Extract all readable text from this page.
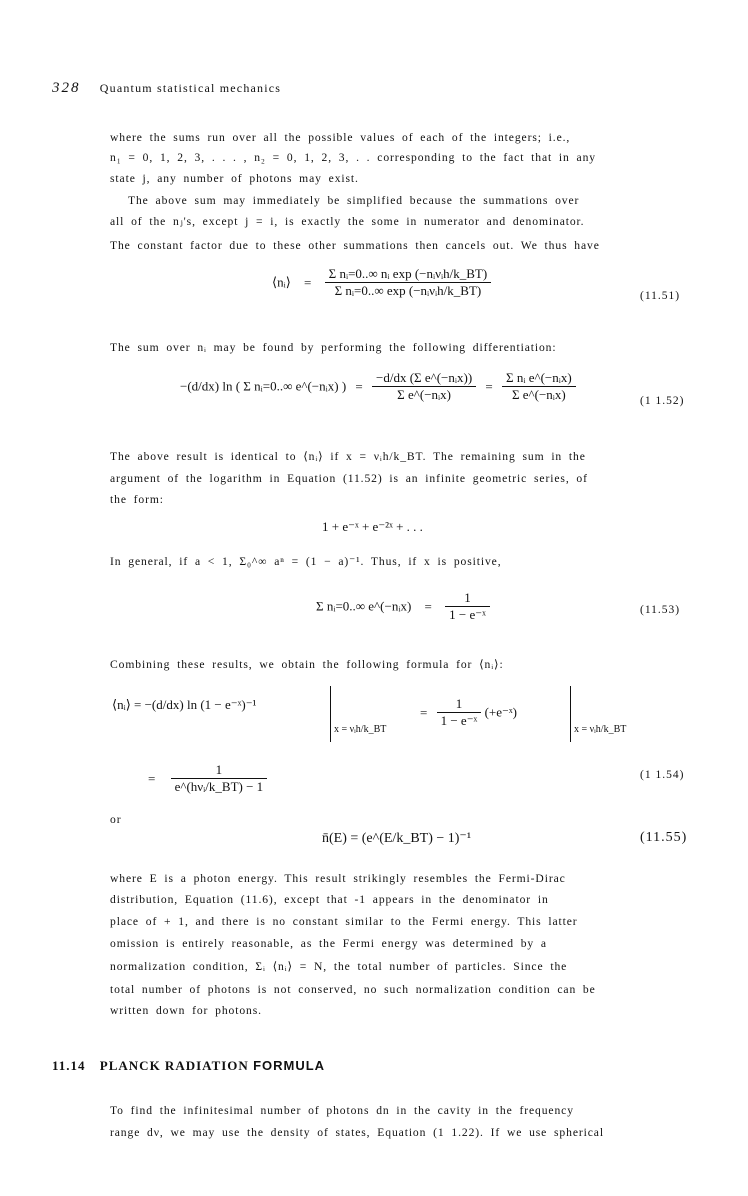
328 Quantum statistical mechanics
where the sums run over all the possible values of each of the integers; i.e.,
n₁ = 0, 1, 2, 3, . . . , n₂ = 0, 1, 2, 3, . . corresponding to the fact that in any
state j, any number of photons may exist.
The above sum may immediately be simplified because the summations over
all of the nⱼ's, except j = i, is exactly the some in numerator and denominator.
The constant factor due to these other summations then cancels out. We thus have
⟨nᵢ⟩ = $\frac{\text{Σ nᵢ=0..∞ nᵢ exp (−nᵢνᵢh/k\_BT)}}{\text{Σ nᵢ=0..∞ exp (−nᵢνᵢh/k\_BT)}}$	(11.51)
The sum over nᵢ may be found by performing the following differentiation:
−(d/dx) ln ( Σ nᵢ=0..∞ e^(−nᵢx) ) = $\frac{\text{−d/dx (Σ e\textasciicircum{}(−nᵢx))}}{\text{Σ e\textasciicircum{}(−nᵢx)}} = \frac{\text{Σ nᵢ e\textasciicircum{}(−nᵢx)}}{\text{Σ e\textasciicircum{}(−nᵢx)}}$	(1 1.52)
The above result is identical to ⟨nᵢ⟩ if x = νᵢh/k_BT. The remaining sum in the
argument of the logarithm in Equation (11.52) is an infinite geometric series, of
the form:
1 + e⁻ˣ + e⁻²ˣ + . . .
In general, if a < 1, Σ₀^∞ aⁿ = (1 − a)⁻¹. Thus, if x is positive,
Σ nᵢ=0..∞ e^(−nᵢx) = $\frac{1}{\text{1 − e⁻ˣ}}$	(11.53)
Combining these results, we obtain the following formula for ⟨nᵢ⟩:
⟨nᵢ⟩ = −(d/dx) ln (1 − e⁻ˣ)⁻¹
x = νᵢh/k_BT
= $\frac{1}{\text{1 − e⁻ˣ}}$ (+e⁻ˣ)
x = νᵢh/k_BT
= $\frac{1}{\text{e\textasciicircum{}(hνᵢ/k\_BT) − 1}}$	(1 1.54)
or
n̄(E) = (e^(E/k_BT) − 1)⁻¹	(11.55)
where E is a photon energy. This result strikingly resembles the Fermi-Dirac
distribution, Equation (11.6), except that -1 appears in the denominator in
place of + 1, and there is no constant similar to the Fermi energy. This latter
omission is entirely reasonable, as the Fermi energy was determined by a
normalization condition, Σᵢ ⟨nᵢ⟩ = N, the total number of particles. Since the
total number of photons is not conserved, no such normalization condition can be
written down for photons.
11.14 PLANCK RADIATION FORMULA
To find the infinitesimal number of photons dn in the cavity in the frequency
range dν, we may use the density of states, Equation (1 1.22). If we use spherical
